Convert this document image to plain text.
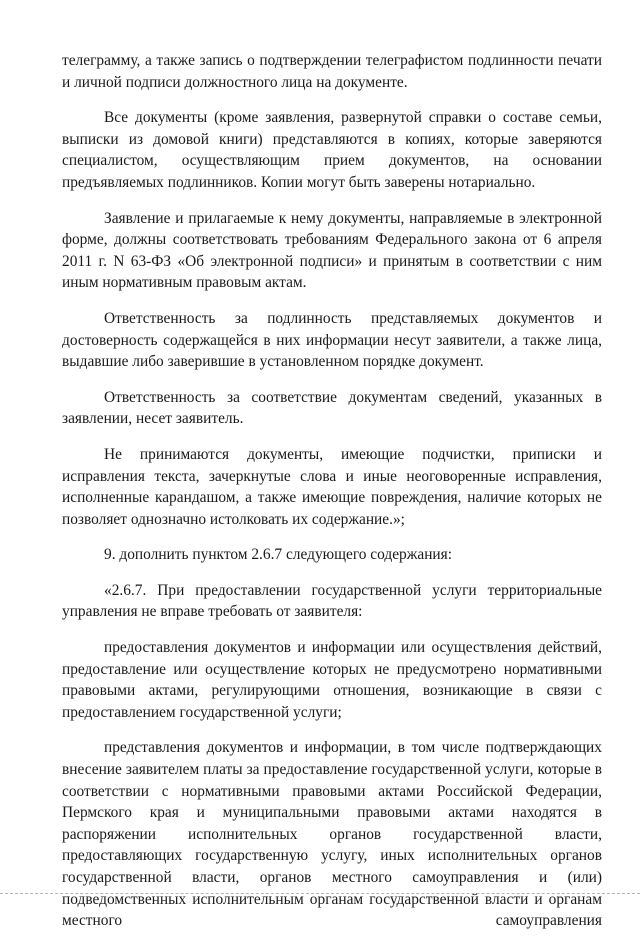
телеграмму, а также запись о подтверждении телеграфистом подлинности печати и личной подписи должностного лица на документе.

Все документы (кроме заявления, развернутой справки о составе семьи, выписки из домовой книги) представляются в копиях, которые заверяются специалистом, осуществляющим прием документов, на основании предъявляемых подлинников. Копии могут быть заверены нотариально.

Заявление и прилагаемые к нему документы, направляемые в электронной форме, должны соответствовать требованиям Федерального закона от 6 апреля 2011 г. N 63-ФЗ «Об электронной подписи» и принятым в соответствии с ним иным нормативным правовым актам.

Ответственность за подлинность представляемых документов и достоверность содержащейся в них информации несут заявители, а также лица, выдавшие либо заверившие в установленном порядке документ.

Ответственность за соответствие документам сведений, указанных в заявлении, несет заявитель.

Не принимаются документы, имеющие подчистки, приписки и исправления текста, зачеркнутые слова и иные неоговоренные исправления, исполненные карандашом, а также имеющие повреждения, наличие которых не позволяет однозначно истолковать их содержание.»;

9. дополнить пунктом 2.6.7 следующего содержания:

«2.6.7. При предоставлении государственной услуги территориальные управления не вправе требовать от заявителя:

предоставления документов и информации или осуществления действий, предоставление или осуществление которых не предусмотрено нормативными правовыми актами, регулирующими отношения, возникающие в связи с предоставлением государственной услуги;

представления документов и информации, в том числе подтверждающих внесение заявителем платы за предоставление государственной услуги, которые в соответствии с нормативными правовыми актами Российской Федерации, Пермского края и муниципальными правовыми актами находятся в распоряжении исполнительных органов государственной власти, предоставляющих государственную услугу, иных исполнительных органов государственной власти, органов местного самоуправления и (или) подведомственных исполнительным органам государственной власти и органам местного самоуправления
